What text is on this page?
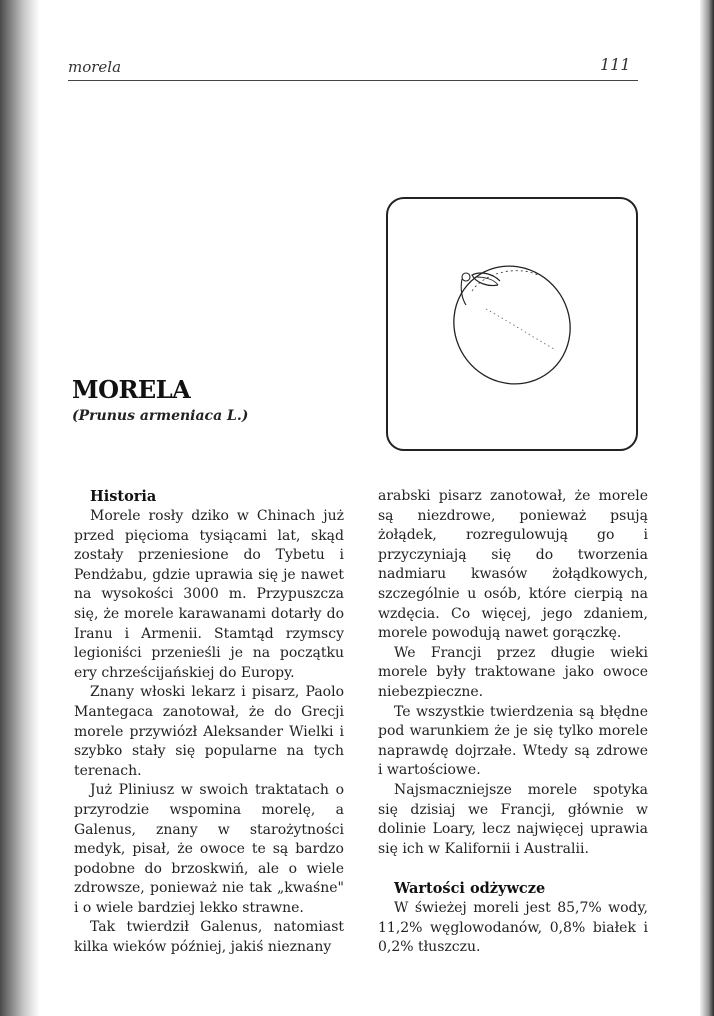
morela	111
MORELA
(Prunus armeniaca L.)
Historia

Morele rosły dziko w Chinach już przed pięcioma tysiącami lat, skąd zostały przeniesione do Tybetu i Pendżabu, gdzie uprawia się je nawet na wysokości 3000 m. Przypuszcza się, że morele karawanami dotarły do Iranu i Armenii. Stamtąd rzymscy legioniści przenieśli je na początku ery chrześcijańskiej do Europy.

Znany włoski lekarz i pisarz, Paolo Mantegaca zanotował, że do Grecji morele przywiózł Aleksander Wielki i szybko stały się popularne na tych terenach.

Już Pliniusz w swoich traktatach o przyrodzie wspomina morelę, a Galenus, znany w starożytności medyk, pisał, że owoce te są bardzo podobne do brzoskwiń, ale o wiele zdrowsze, ponieważ nie tak „kwaśne" i o wiele bardziej lekko strawne.

Tak twierdził Galenus, natomiast kilka wieków później, jakiś nieznany

arabski pisarz zanotował, że morele są niezdrowe, ponieważ psują żołądek, rozregulowują go i przyczyniają się do tworzenia nadmiaru kwasów żołądkowych, szczególnie u osób, które cierpią na wzdęcia. Co więcej, jego zdaniem, morele powodują nawet gorączkę.

We Francji przez długie wieki morele były traktowane jako owoce niebezpieczne.

Te wszystkie twierdzenia są błędne pod warunkiem że je się tylko morele naprawdę dojrzałe. Wtedy są zdrowe i wartościowe.

Najsmaczniejsze morele spotyka się dzisiaj we Francji, głównie w dolinie Loary, lecz najwięcej uprawia się ich w Kalifornii i Australii.

Wartości odżywcze

W świeżej moreli jest 85,7% wody, 11,2% węglowodanów, 0,8% białek i 0,2% tłuszczu.
